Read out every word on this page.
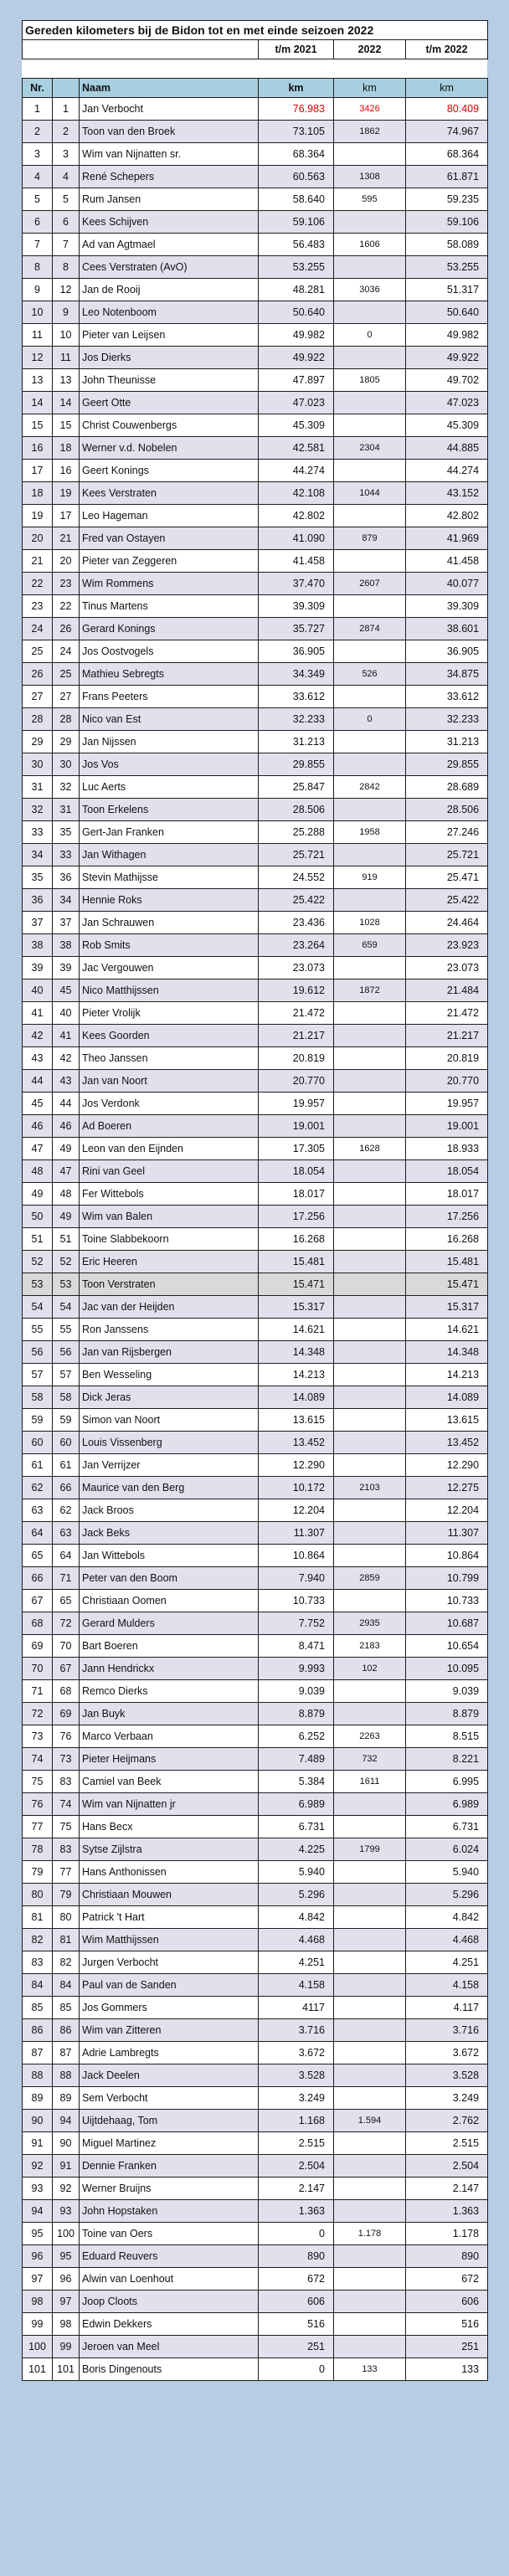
Gereden kilometers bij de Bidon tot en met einde seizoen 2022					
			t/m 2021	2022	t/m 2022

Nr.		Naam	km	km	km
1	1	Jan Verbocht	76.983	3426	80.409
2	2	Toon van den Broek	73.105	1862	74.967
3	3	Wim van Nijnatten sr.	68.364		68.364
4	4	René Schepers	60.563	1308	61.871
5	5	Rum Jansen	58.640	595	59.235
6	6	Kees Schijven	59.106		59.106
7	7	Ad van Agtmael	56.483	1606	58.089
8	8	Cees Verstraten (AvO)	53.255		53.255
9	12	Jan de Rooij	48.281	3036	51.317
10	9	Leo Notenboom	50.640		50.640
11	10	Pieter van Leijsen	49.982	0	49.982
12	11	Jos Dierks	49.922		49.922
13	13	John Theunisse	47.897	1805	49.702
14	14	Geert Otte	47.023		47.023
15	15	Christ Couwenbergs	45.309		45.309
16	18	Werner v.d. Nobelen	42.581	2304	44.885
17	16	Geert Konings	44.274		44.274
18	19	Kees Verstraten	42.108	1044	43.152
19	17	Leo Hageman	42.802		42.802
20	21	Fred van Ostayen	41.090	879	41.969
21	20	Pieter van Zeggeren	41.458		41.458
22	23	Wim Rommens	37.470	2607	40.077
23	22	Tinus Martens	39.309		39.309
24	26	Gerard Konings	35.727	2874	38.601
25	24	Jos Oostvogels	36.905		36.905
26	25	Mathieu Sebregts	34.349	526	34.875
27	27	Frans Peeters	33.612		33.612
28	28	Nico van Est	32.233	0	32.233
29	29	Jan Nijssen	31.213		31.213
30	30	Jos Vos	29.855		29.855
31	32	Luc Aerts	25.847	2842	28.689
32	31	Toon Erkelens	28.506		28.506
33	35	Gert-Jan Franken	25.288	1958	27.246
34	33	Jan Withagen	25.721		25.721
35	36	Stevin Mathijsse	24.552	919	25.471
36	34	Hennie Roks	25.422		25.422
37	37	Jan Schrauwen	23.436	1028	24.464
38	38	Rob Smits	23.264	659	23.923
39	39	Jac Vergouwen	23.073		23.073
40	45	Nico Matthijssen	19.612	1872	21.484
41	40	Pieter Vrolijk	21.472		21.472
42	41	Kees Goorden	21.217		21.217
43	42	Theo Janssen	20.819		20.819
44	43	Jan van Noort	20.770		20.770
45	44	Jos Verdonk	19.957		19.957
46	46	Ad Boeren	19.001		19.001
47	49	Leon van den Eijnden	17.305	1628	18.933
48	47	Rini van Geel	18.054		18.054
49	48	Fer Wittebols	18.017		18.017
50	49	Wim van Balen	17.256		17.256
51	51	Toine Slabbekoorn	16.268		16.268
52	52	Eric Heeren	15.481		15.481
53	53	Toon Verstraten	15.471		15.471
54	54	Jac van der Heijden	15.317		15.317
55	55	Ron Janssens	14.621		14.621
56	56	Jan van Rijsbergen	14.348		14.348
57	57	Ben Wesseling	14.213		14.213
58	58	Dick Jeras	14.089		14.089
59	59	Simon van Noort	13.615		13.615
60	60	Louis Vissenberg	13.452		13.452
61	61	Jan Verrijzer	12.290		12.290
62	66	Maurice van den Berg	10.172	2103	12.275
63	62	Jack Broos	12.204		12.204
64	63	Jack Beks	11.307		11.307
65	64	Jan Wittebols	10.864		10.864
66	71	Peter van den Boom	7.940	2859	10.799
67	65	Christiaan Oomen	10.733		10.733
68	72	Gerard Mulders	7.752	2935	10.687
69	70	Bart Boeren	8.471	2183	10.654
70	67	Jann Hendrickx	9.993	102	10.095
71	68	Remco Dierks	9.039		9.039
72	69	Jan Buyk	8.879		8.879
73	76	Marco Verbaan	6.252	2263	8.515
74	73	Pieter Heijmans	7.489	732	8.221
75	83	Camiel van Beek	5.384	1611	6.995
76	74	Wim van Nijnatten jr	6.989		6.989
77	75	Hans Becx	6.731		6.731
78	83	Sytse Zijlstra	4.225	1799	6.024
79	77	Hans Anthonissen	5.940		5.940
80	79	Christiaan Mouwen	5.296		5.296
81	80	Patrick 't Hart	4.842		4.842
82	81	Wim Matthijssen	4.468		4.468
83	82	Jurgen Verbocht	4.251		4.251
84	84	Paul van de Sanden	4.158		4.158
85	85	Jos Gommers	4117		4.117
86	86	Wim van Zitteren	3.716		3.716
87	87	Adrie Lambregts	3.672		3.672
88	88	Jack Deelen	3.528		3.528
89	89	Sem Verbocht	3.249		3.249
90	94	Uijtdehaag, Tom	1.168	1.594	2.762
91	90	Miguel Martinez	2.515		2.515
92	91	Dennie Franken	2.504		2.504
93	92	Werner Bruijns	2.147		2.147
94	93	John Hopstaken	1.363		1.363
95	100	Toine van Oers	0	1.178	1.178
96	95	Eduard Reuvers	890		890
97	96	Alwin van Loenhout	672		672
98	97	Joop Cloots	606		606
99	98	Edwin Dekkers	516		516
100	99	Jeroen van Meel	251		251
101	101	Boris Dingenouts	0	133	133
